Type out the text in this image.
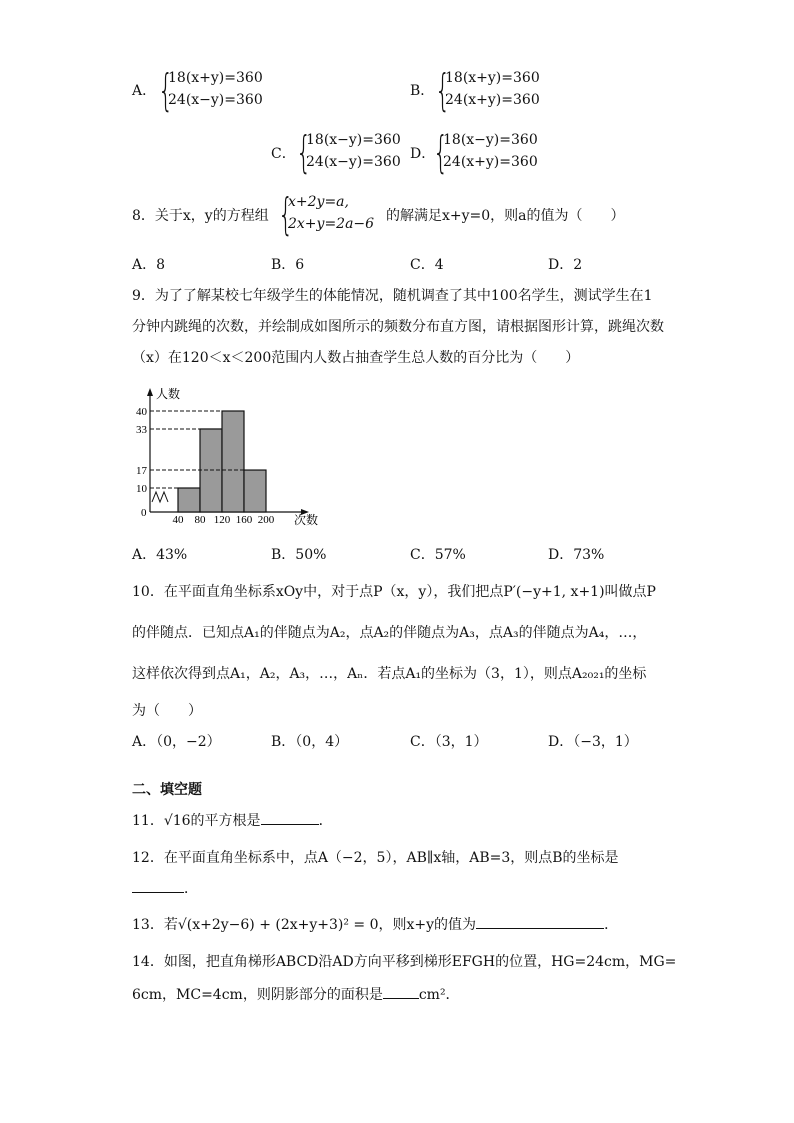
A． {
18(x+y)=360
24(x−y)=360
B． {
18(x+y)=360
24(x+y)=360
C． {
18(x−y)=360
24(x−y)=360 D．
{
18(x−y)=360
24(x+y)=360
8．关于x，y的方程组 {
x+2y=a,
2x+y=2a−6 的解满足x+y=0，则a的值为（　　）
A．8	B．6	C．4	D．2
9．为了了解某校七年级学生的体能情况，随机调查了其中100名学生，测试学生在1
分钟内跳绳的次数，并绘制成如图所示的频数分布直方图，请根据图形计算，跳绳次数
（x）在120＜x＜200范围内人数占抽查学生总人数的百分比为（　　）
人数
次数
0
10
17
33
40
40 80 120 160 200
A．43%	B．50%	C．57%	D．73%
10．在平面直角坐标系xOy中，对于点P（x，y），我们把点P′(−y+1, x+1)叫做点P
的伴随点．已知点A₁的伴随点为A₂，点A₂的伴随点为A₃，点A₃的伴随点为A₄，…，
这样依次得到点A₁，A₂，A₃，…，Aₙ．若点A₁的坐标为（3，1），则点A₂₀₂₁的坐标
为（　　）
A．（0，−2）	B．（0，4）	C．（3，1）	D．（−3，1）
二、填空题
11．√16的平方根是	．
12．在平面直角坐标系中，点A（−2，5），AB∥x轴，AB=3，则点B的坐标是
．
13．若√(x+2y−6) + (2x+y+3)² = 0，则x+y的值为	．
14．如图，把直角梯形ABCD沿AD方向平移到梯形EFGH的位置，HG=24cm，MG=
6cm，MC=4cm，则阴影部分的面积是	cm²．
